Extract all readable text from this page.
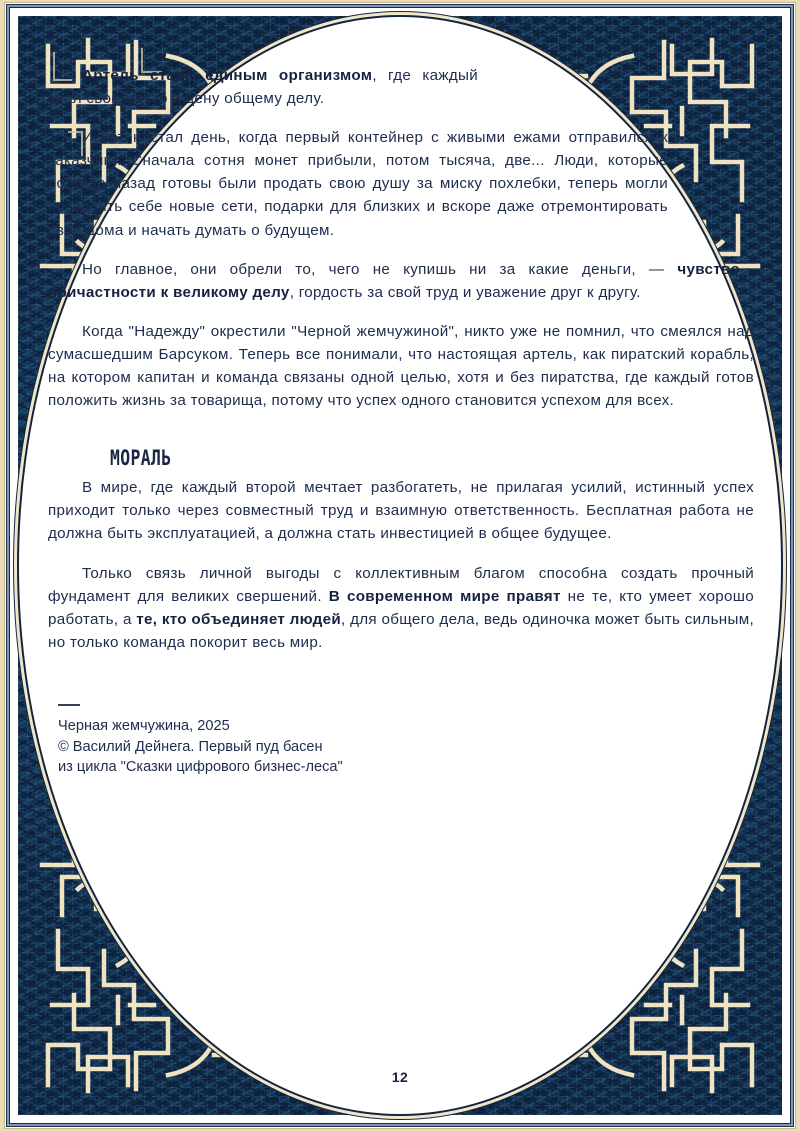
Артель стала единым организмом, где каждый знал свое место и цену общему делу.

И вот настал день, когда первый контейнер с живыми ежами отправился к заказчику. Сначала сотня монет прибыли, потом тысяча, две... Люди, которые полгода назад готовы были продать свою душу за миску похлебки, теперь могли позволить себе новые сети, подарки для близких и вскоре даже отремонтировать свои дома и начать думать о будущем.

Но главное, они обрели то, чего не купишь ни за какие деньги, — чувство причастности к великому делу, гордость за свой труд и уважение друг к другу.

Когда "Надежду" окрестили "Черной жемчужиной", никто уже не помнил, что смеялся над сумасшедшим Барсуком. Теперь все понимали, что настоящая артель, как пиратский корабль, на котором капитан и команда связаны одной целью, хотя и без пиратства, где каждый готов положить жизнь за товарища, потому что успех одного становится успехом для всех.

МОРАЛЬ

В мире, где каждый второй мечтает разбогатеть, не прилагая усилий, истинный успех приходит только через совместный труд и взаимную ответственность. Бесплатная работа не должна быть эксплуатацией, а должна стать инвестицией в общее будущее.

Только связь личной выгоды с коллективным благом способна создать прочный фундамент для великих свершений. В современном мире правят не те, кто умеет хорошо работать, а те, кто объединяет людей, для общего дела, ведь одиночка может быть сильным, но только команда покорит весь мир.

Черная жемчужина, 2025
© Василий Дейнега. Первый пуд басен
из цикла "Сказки цифрового бизнес-леса"
12
